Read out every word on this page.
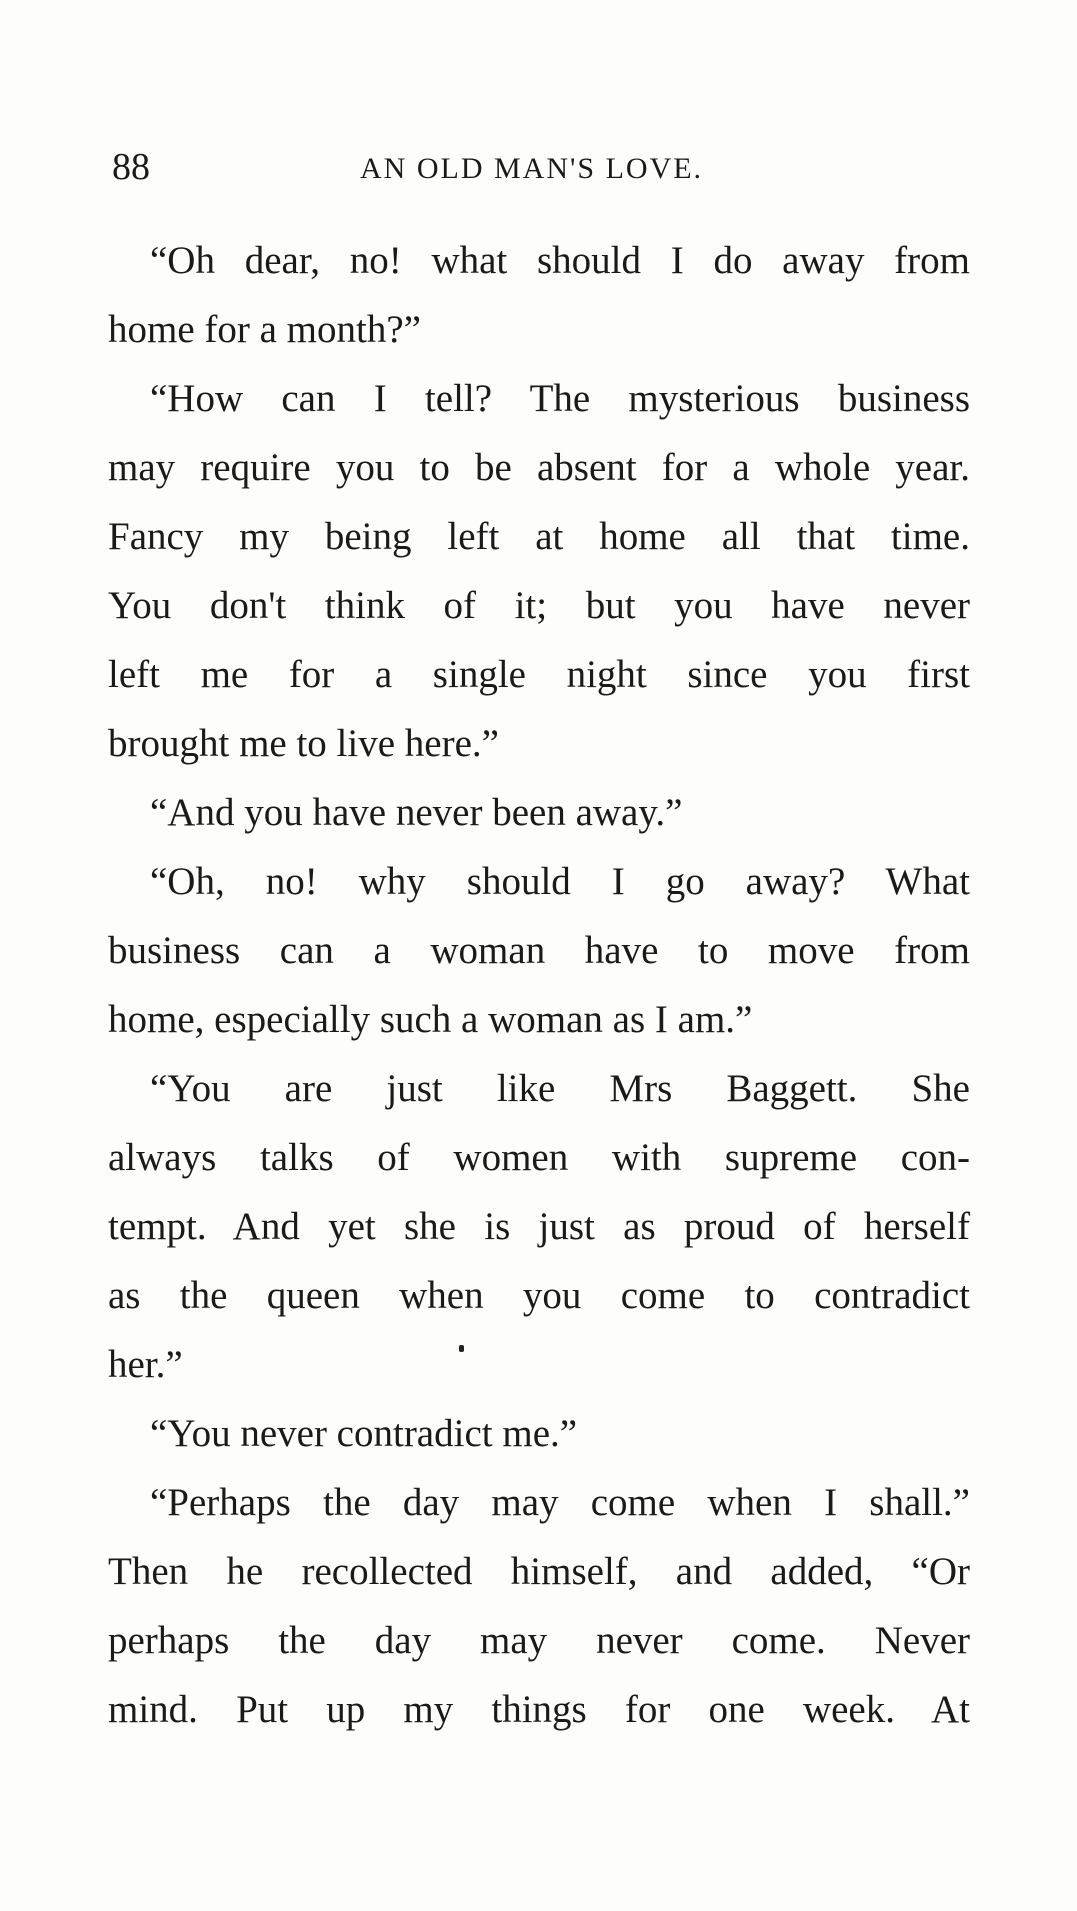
88	AN OLD MAN'S LOVE.
“Oh dear, no! what should I do away from
home for a month?”
“How can I tell? The mysterious business
may require you to be absent for a whole year.
Fancy my being left at home all that time.
You don't think of it; but you have never
left me for a single night since you first
brought me to live here.”
“And you have never been away.”
“Oh, no! why should I go away? What
business can a woman have to move from
home, especially such a woman as I am.”
“You are just like Mrs Baggett. She
always talks of women with supreme con-
tempt. And yet she is just as proud of herself
as the queen when you come to contradict
her.”
“You never contradict me.”
“Perhaps the day may come when I shall.”
Then he recollected himself, and added, “Or
perhaps the day may never come. Never
mind. Put up my things for one week. At
